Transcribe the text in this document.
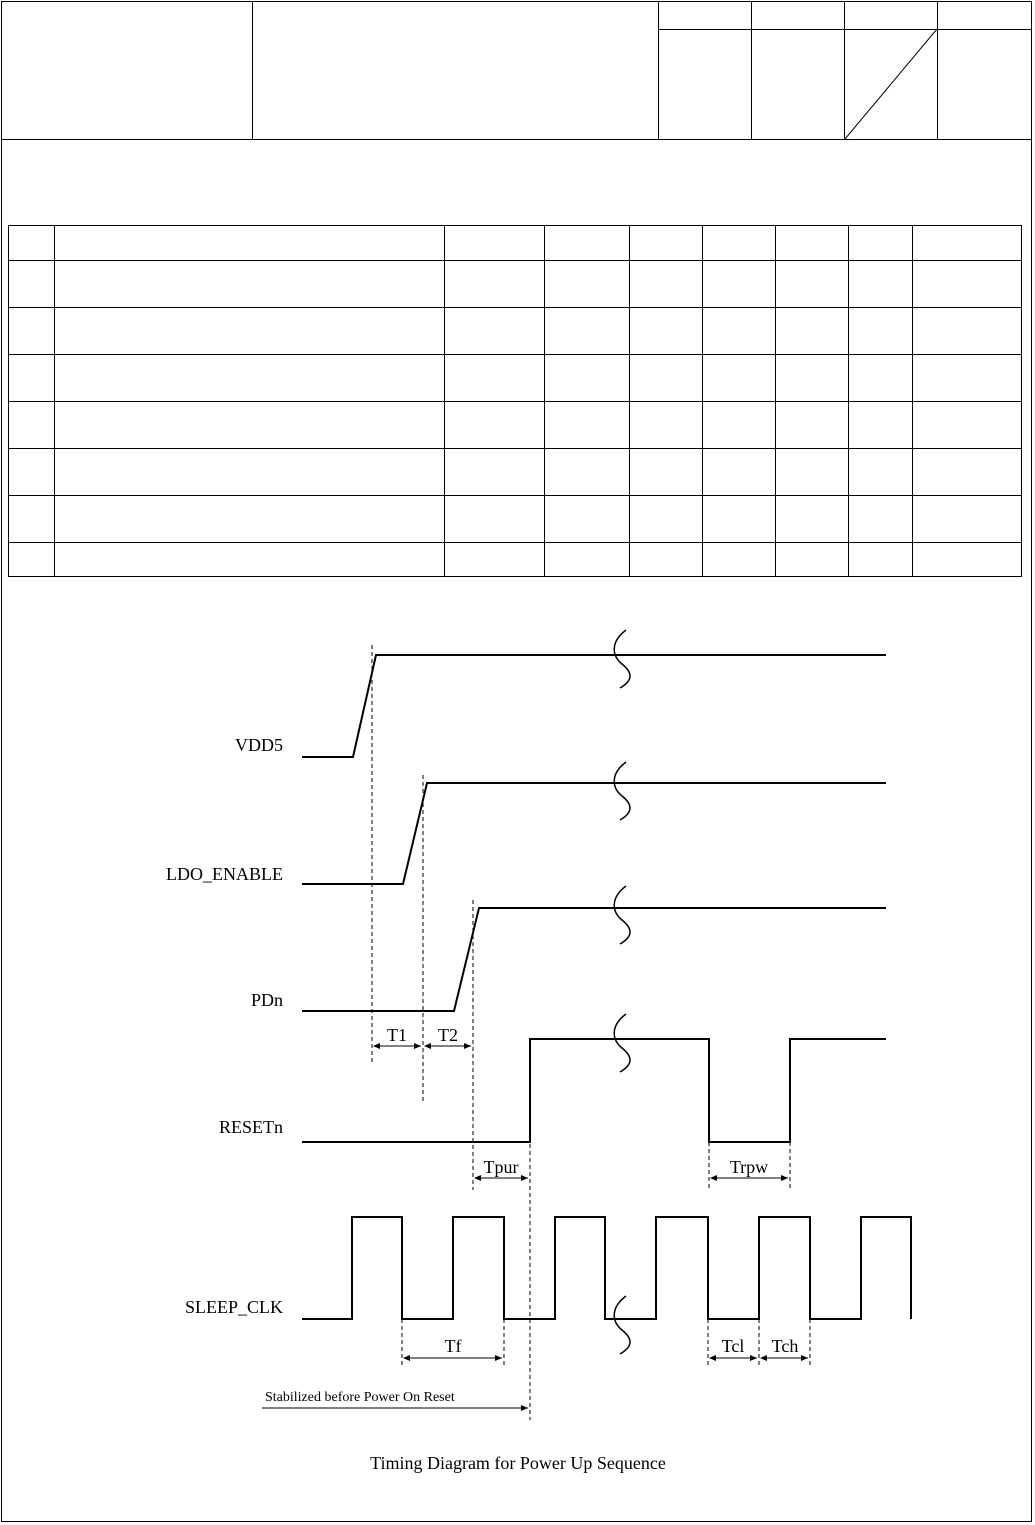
VDD5
LDO_ENABLE
PDn
RESETn
SLEEP_CLK
T1 T2
Tpur	Trpw
Tf	Tcl Tch
Stabilized before Power On Reset
Timing Diagram for Power Up Sequence
